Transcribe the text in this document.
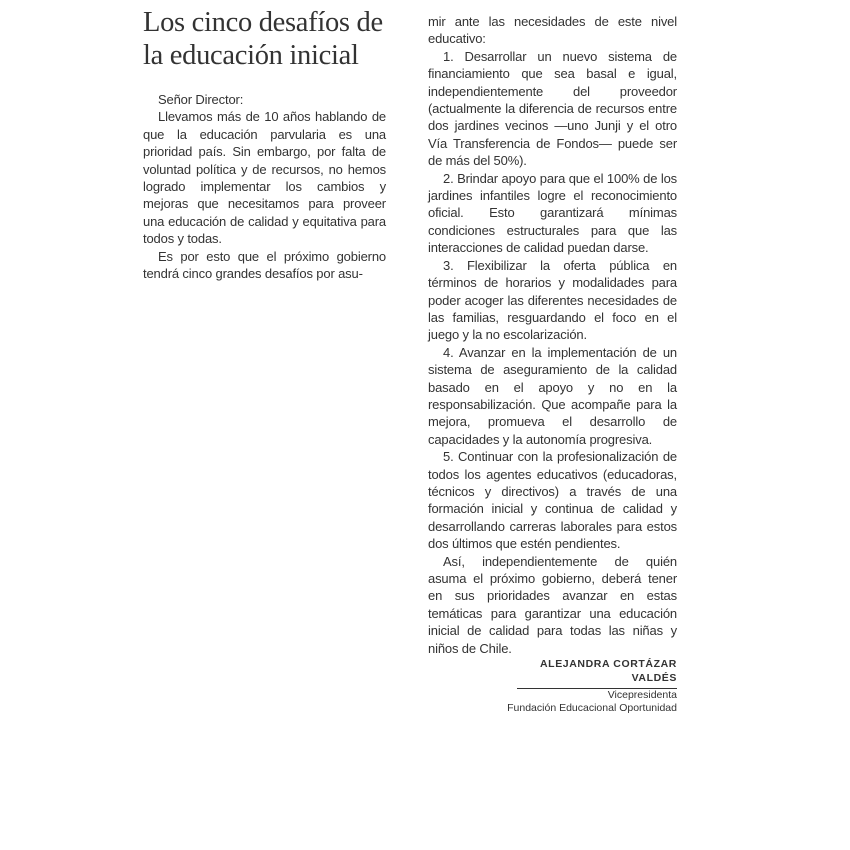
Los cinco desafíos de la educación inicial

Señor Director:

Llevamos más de 10 años hablando de que la educación parvularia es una prioridad país. Sin embargo, por falta de voluntad política y de recursos, no hemos logrado implementar los cambios y mejoras que necesitamos para proveer una educación de calidad y equitativa para todos y todas.

Es por esto que el próximo gobierno tendrá cinco grandes desafíos por asu-

mir ante las necesidades de este nivel educativo:

1. Desarrollar un nuevo sistema de financiamiento que sea basal e igual, independientemente del proveedor (actualmente la diferencia de recursos entre dos jardines vecinos —uno Junji y el otro Vía Transferencia de Fondos— puede ser de más del 50%).

2. Brindar apoyo para que el 100% de los jardines infantiles logre el reconocimiento oficial. Esto garantizará mínimas condiciones estructurales para que las interacciones de calidad puedan darse.

3. Flexibilizar la oferta pública en términos de horarios y modalidades para poder acoger las diferentes necesidades de las familias, resguardando el foco en el juego y la no escolarización.

4. Avanzar en la implementación de un sistema de aseguramiento de la calidad basado en el apoyo y no en la responsabilización. Que acompañe para la mejora, promueva el desarrollo de capacidades y la autonomía progresiva.

5. Continuar con la profesionalización de todos los agentes educativos (educadoras, técnicos y directivos) a través de una formación inicial y continua de calidad y desarrollando carreras laborales para estos dos últimos que estén pendientes.

Así, independientemente de quién asuma el próximo gobierno, deberá tener en sus prioridades avanzar en estas temáticas para garantizar una educación inicial de calidad para todas las niñas y niños de Chile.

ALEJANDRA CORTÁZAR VALDÉS
Vicepresidenta
Fundación Educacional Oportunidad
